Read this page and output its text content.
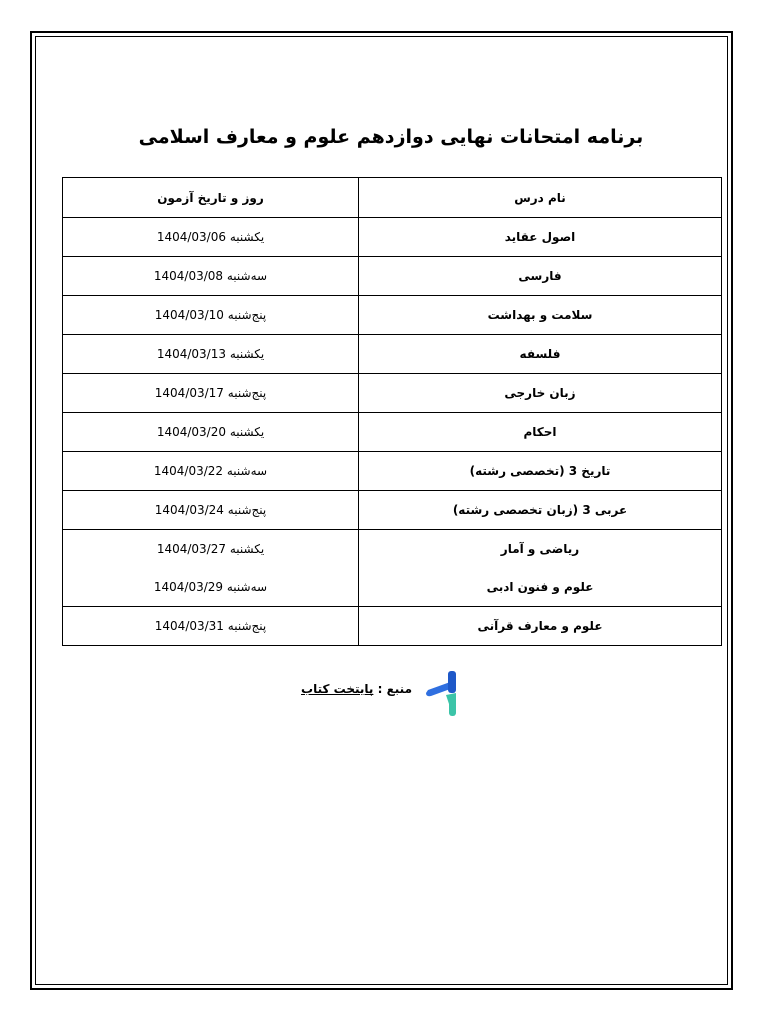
برنامه امتحانات نهایی دوازدهم علوم و معارف اسلامی
نام درس	روز و تاریخ آزمون
اصول عقاید	یکشنبه 1404/03/06
فارسی	سه‌شنبه 1404/03/08
سلامت و بهداشت	پنج‌شنبه 1404/03/10
فلسفه	یکشنبه 1404/03/13
زبان خارجی	پنج‌شنبه 1404/03/17
احکام	یکشنبه 1404/03/20
تاریخ 3 (تخصصی رشته)	سه‌شنبه 1404/03/22
عربی 3 (زبان تخصصی رشته)	پنج‌شنبه 1404/03/24
ریاضی و آمار	یکشنبه 1404/03/27
علوم و فنون ادبی	سه‌شنبه 1404/03/29
علوم و معارف قرآنی	پنج‌شنبه 1404/03/31
منبع : پایتخت کتاب
